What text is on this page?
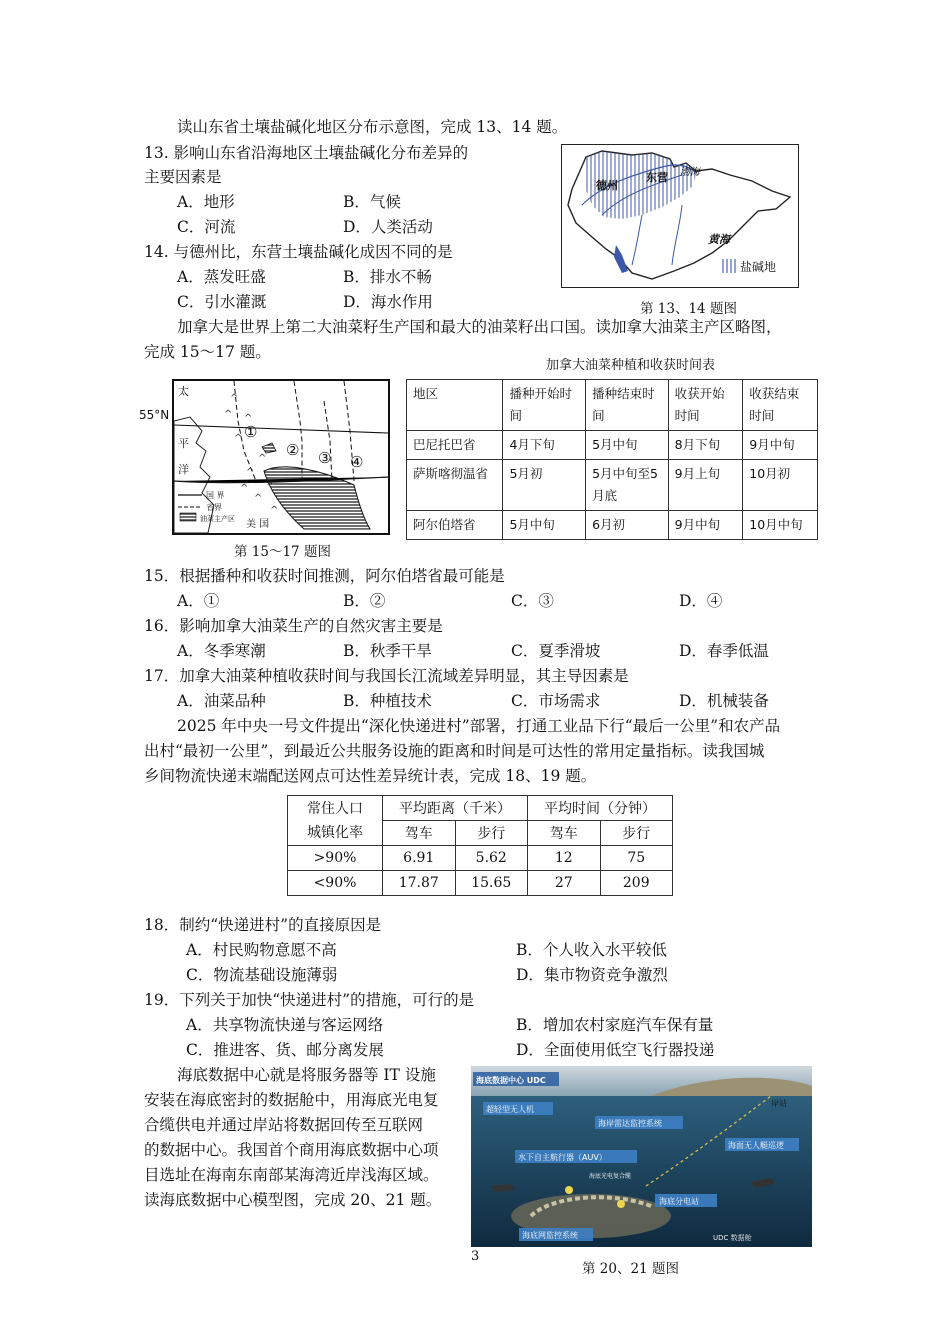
读山东省土壤盐碱化地区分布示意图，完成 13、14 题。
13. 影响山东省沿海地区土壤盐碱化分布差异的
主要因素是
A．地形	B．气候
C．河流	D．人类活动
14. 与德州比，东营土壤盐碱化成因不同的是
A．蒸发旺盛	B．排水不畅
C．引水灌溉	D．海水作用
德州
东营 渤海
黄海
盐碱地
第 13、14 题图
加拿大是世界上第二大油菜籽生产国和最大的油菜籽出口国。读加拿大油菜主产区略图，
完成 15～17 题。
55°N
^
^
^
^
^
^
^
^
^
^
太
平
洋
①
② ③ ④
国 界
省界
油菜主产区 美 国
第 15～17 题图
加拿大油菜种植和收获时间表
地区	播种开始时间	播种结束时间	收获开始时间	收获结束时间
巴尼托巴省	4月下旬	5月中旬	8月下旬	9月中旬
萨斯喀彻温省	5月初	5月中旬至5月底	9月上旬	10月初
阿尔伯塔省	5月中旬	6月初	9月中旬	10月中旬
15．根据播种和收获时间推测，阿尔伯塔省最可能是
A．①	B．②	C．③	D．④
16．影响加拿大油菜生产的自然灾害主要是
A．冬季寒潮	B．秋季干旱	C．夏季滑坡	D．春季低温
17．加拿大油菜种植收获时间与我国长江流域差异明显，其主导因素是
A．油菜品种	B．种植技术	C．市场需求	D．机械装备
2025 年中央一号文件提出“深化快递进村”部署，打通工业品下行“最后一公里”和农产品
出村“最初一公里”，到最近公共服务设施的距离和时间是可达性的常用定量指标。读我国城
乡间物流快递末端配送网点可达性差异统计表，完成 18、19 题。
常住人口
城镇化率	平均距离（千米）		平均时间（分钟）	
	驾车	步行	驾车	步行
>90%	6.91	5.62	12	75
<90%	17.87	15.65	27	209
18．制约“快递进村”的直接原因是
A．村民购物意愿不高	B．个人收入水平较低
C．物流基础设施薄弱	D．集市物资竞争激烈
19．下列关于加快“快递进村”的措施，可行的是
A．共享物流快递与客运网络	B．增加农村家庭汽车保有量
C．推进客、货、邮分离发展	D．全面使用低空飞行器投递
海底数据中心就是将服务器等 IT 设施
安装在海底密封的数据舱中，用海底光电复
合缆供电并通过岸站将数据回传至互联网
的数据中心。我国首个商用海底数据中心项
目选址在海南东南部某海湾近岸浅海区域。
读海底数据中心模型图，完成 20、21 题。
海底数据中心 UDC
岸站
超轻型无人机
海岸雷达监控系统
海面无人艇巡逻
水下自主航行器（AUV）
海底光电复合缆
海底分电站
海底网监控系统	UDC 数据舱
第 20、21 题图
3
